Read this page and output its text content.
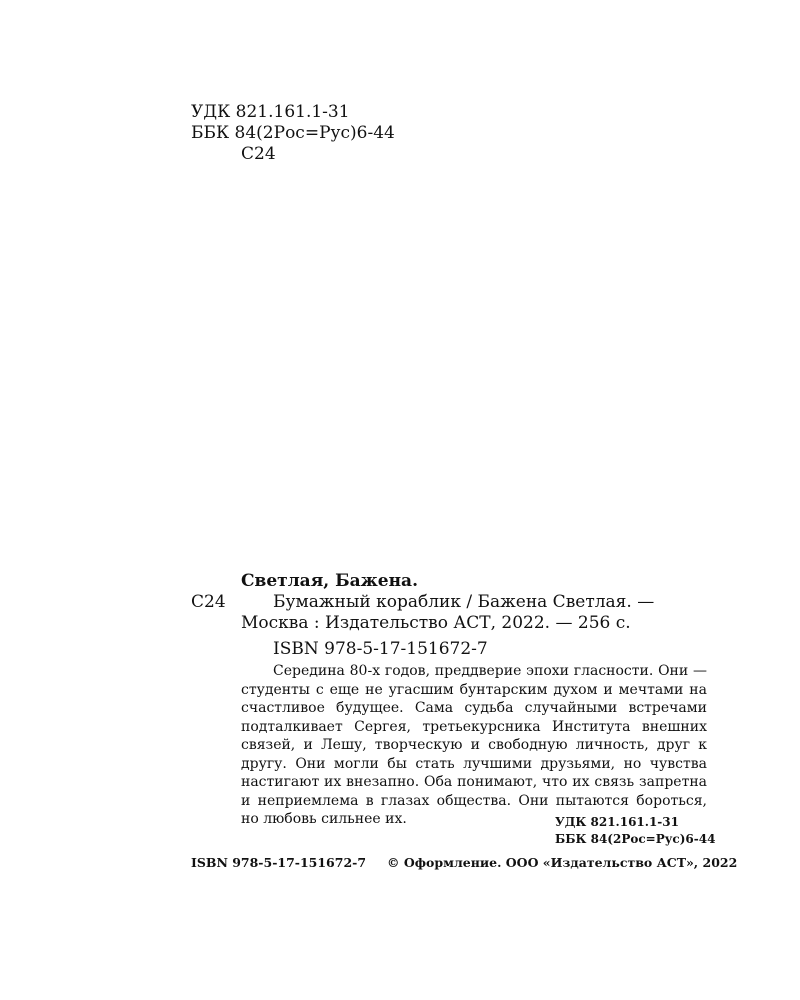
УДК 821.161.1-31
ББК 84(2Рос=Рус)6-44
С24
Светлая, Бажена.
С24	Бумажный кораблик / Бажена Светлая. —
Москва : Издательство АСТ, 2022. — 256 с.
ISBN 978-5-17-151672-7

Середина 80-х годов, преддверие эпохи гласности. Они — студенты с еще не угасшим бунтарским духом и мечтами на счастливое будущее. Сама судьба случайными встречами подталкивает Сергея, третьекурсника Института внешних связей, и Лешу, творческую и свободную личность, друг к другу. Они могли бы стать лучшими друзьями, но чувства настигают их внезапно. Оба понимают, что их связь запретна и неприемлема в глазах общества. Они пытаются бороться, но любовь сильнее их.	УДК 821.161.1-31
ББК 84(2Рос=Рус)6-44
ISBN 978-5-17-151672-7 © Оформление. ООО «Издательство АСТ», 2022
